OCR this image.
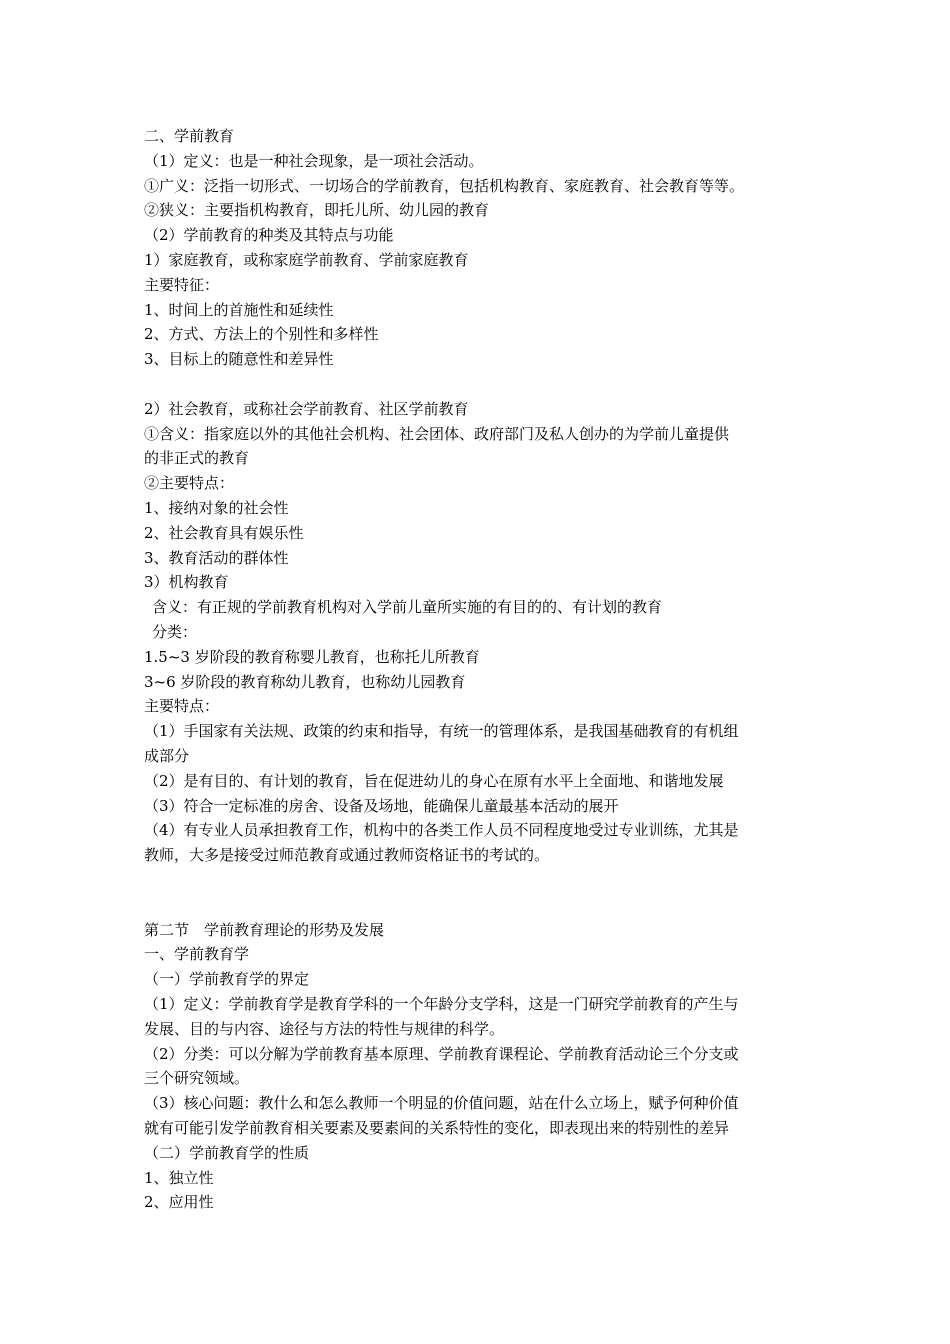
二、学前教育
（1）定义：也是一种社会现象，是一项社会活动。
①广义：泛指一切形式、一切场合的学前教育，包括机构教育、家庭教育、社会教育等等。
②狭义：主要指机构教育，即托儿所、幼儿园的教育
（2）学前教育的种类及其特点与功能
1）家庭教育，或称家庭学前教育、学前家庭教育
主要特征：
1、时间上的首施性和延续性
2、方式、方法上的个别性和多样性
3、目标上的随意性和差异性
2）社会教育，或称社会学前教育、社区学前教育
①含义：指家庭以外的其他社会机构、社会团体、政府部门及私人创办的为学前儿童提供
的非正式的教育
②主要特点：
1、接纳对象的社会性
2、社会教育具有娱乐性
3、教育活动的群体性
3）机构教育
含义：有正规的学前教育机构对入学前儿童所实施的有目的的、有计划的教育
分类：
1.5~3 岁阶段的教育称婴儿教育，也称托儿所教育
3~6 岁阶段的教育称幼儿教育，也称幼儿园教育
主要特点：
（1）手国家有关法规、政策的约束和指导，有统一的管理体系，是我国基础教育的有机组
成部分
（2）是有目的、有计划的教育，旨在促进幼儿的身心在原有水平上全面地、和谐地发展
（3）符合一定标准的房舍、设备及场地，能确保儿童最基本活动的展开
（4）有专业人员承担教育工作，机构中的各类工作人员不同程度地受过专业训练，尤其是
教师，大多是接受过师范教育或通过教师资格证书的考试的。
第二节　学前教育理论的形势及发展
一、学前教育学
（一）学前教育学的界定
（1）定义：学前教育学是教育学科的一个年龄分支学科，这是一门研究学前教育的产生与
发展、目的与内容、途径与方法的特性与规律的科学。
（2）分类：可以分解为学前教育基本原理、学前教育课程论、学前教育活动论三个分支或
三个研究领域。
（3）核心问题：教什么和怎么教师一个明显的价值问题，站在什么立场上，赋予何种价值
就有可能引发学前教育相关要素及要素间的关系特性的变化，即表现出来的特别性的差异
（二）学前教育学的性质
1、独立性
2、应用性
